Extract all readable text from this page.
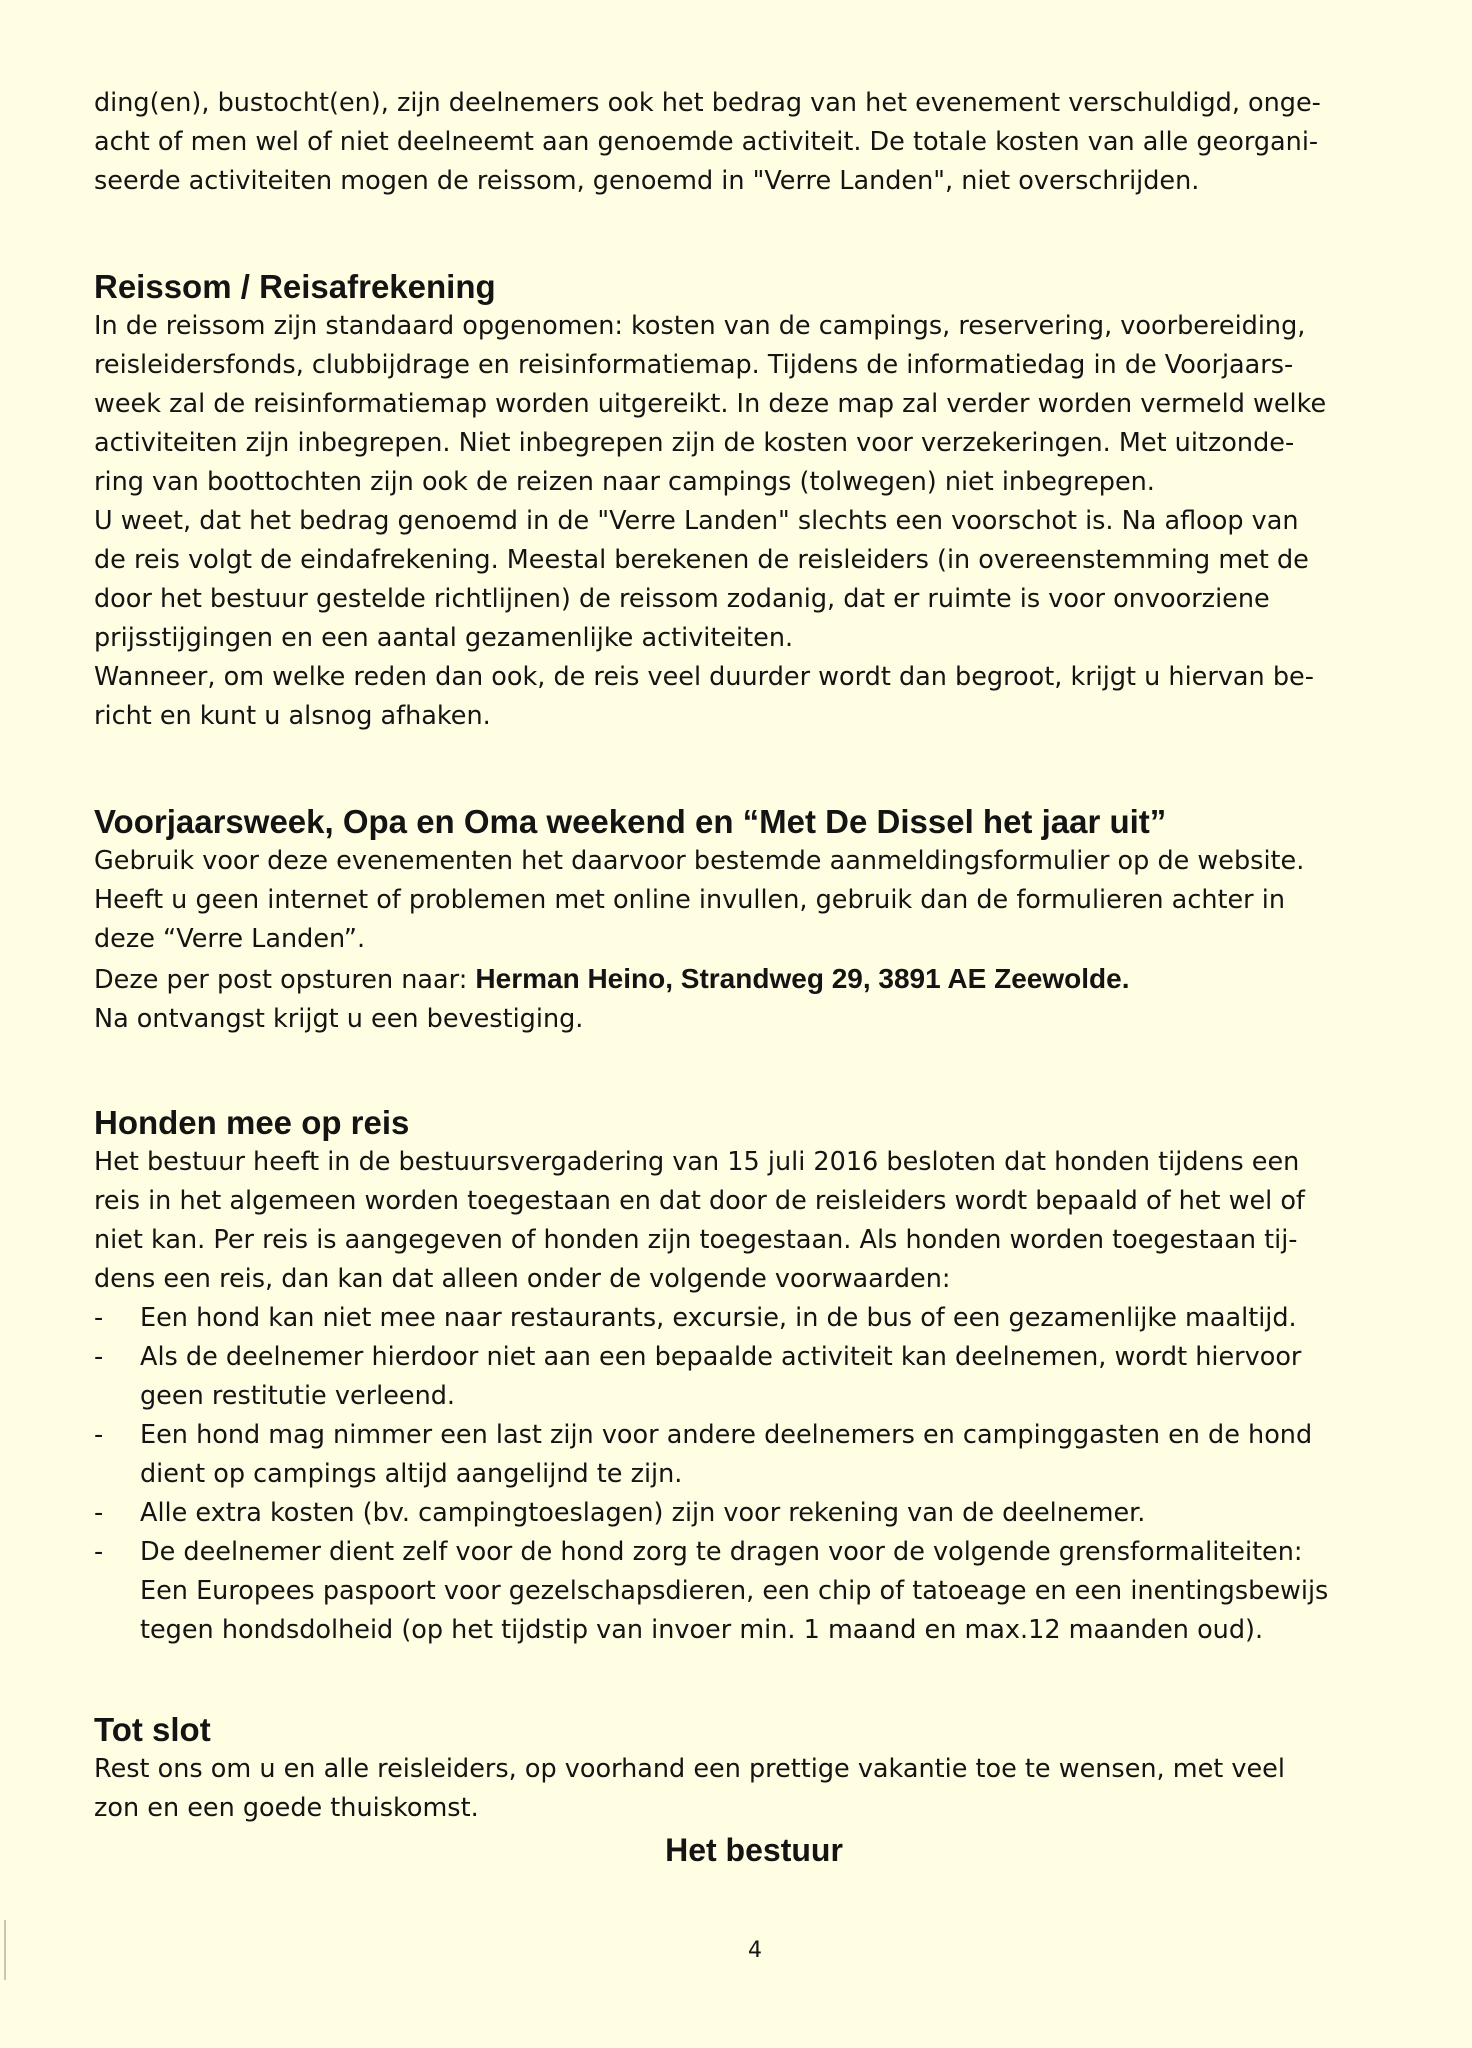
ding(en), bustocht(en), zijn deelnemers ook het bedrag van het evenement verschuldigd, onge-
acht of men wel of niet deelneemt aan genoemde activiteit. De totale kosten van alle georgani-
seerde activiteiten mogen de reissom, genoemd in "Verre Landen", niet overschrijden.

Reissom / Reisafrekening

In de reissom zijn standaard opgenomen: kosten van de campings, reservering, voorbereiding,
reisleidersfonds, clubbijdrage en reisinformatiemap. Tijdens de informatiedag in de Voorjaars-
week zal de reisinformatiemap worden uitgereikt. In deze map zal verder worden vermeld welke
activiteiten zijn inbegrepen. Niet inbegrepen zijn de kosten voor verzekeringen. Met uitzonde-
ring van boottochten zijn ook de reizen naar campings (tolwegen) niet inbegrepen.
U weet, dat het bedrag genoemd in de "Verre Landen" slechts een voorschot is. Na afloop van
de reis volgt de eindafrekening. Meestal berekenen de reisleiders (in overeenstemming met de
door het bestuur gestelde richtlijnen) de reissom zodanig, dat er ruimte is voor onvoorziene
prijsstijgingen en een aantal gezamenlijke activiteiten.
Wanneer, om welke reden dan ook, de reis veel duurder wordt dan begroot, krijgt u hiervan be-
richt en kunt u alsnog afhaken.

Voorjaarsweek, Opa en Oma weekend en “Met De Dissel het jaar uit”

Gebruik voor deze evenementen het daarvoor bestemde aanmeldingsformulier op de website.
Heeft u geen internet of problemen met online invullen, gebruik dan de formulieren achter in
deze “Verre Landen”.
Deze per post opsturen naar: Herman Heino, Strandweg 29, 3891 AE Zeewolde.
Na ontvangst krijgt u een bevestiging.

Honden mee op reis

Het bestuur heeft in de bestuursvergadering van 15 juli 2016 besloten dat honden tijdens een
reis in het algemeen worden toegestaan en dat door de reisleiders wordt bepaald of het wel of
niet kan. Per reis is aangegeven of honden zijn toegestaan. Als honden worden toegestaan tij-
dens een reis, dan kan dat alleen onder de volgende voorwaarden:

- Een hond kan niet mee naar restaurants, excursie, in de bus of een gezamenlijke maaltijd.
- Als de deelnemer hierdoor niet aan een bepaalde activiteit kan deelnemen, wordt hiervoor
geen restitutie verleend.
- Een hond mag nimmer een last zijn voor andere deelnemers en campinggasten en de hond
dient op campings altijd aangelijnd te zijn.
- Alle extra kosten (bv. campingtoeslagen) zijn voor rekening van de deelnemer.
- De deelnemer dient zelf voor de hond zorg te dragen voor de volgende grensformaliteiten:
Een Europees paspoort voor gezelschapsdieren, een chip of tatoeage en een inentingsbewijs
tegen hondsdolheid (op het tijdstip van invoer min. 1 maand en max.12 maanden oud).
Tot slot

Rest ons om u en alle reisleiders, op voorhand een prettige vakantie toe te wensen, met veel
zon en een goede thuiskomst.

Het bestuur
4
